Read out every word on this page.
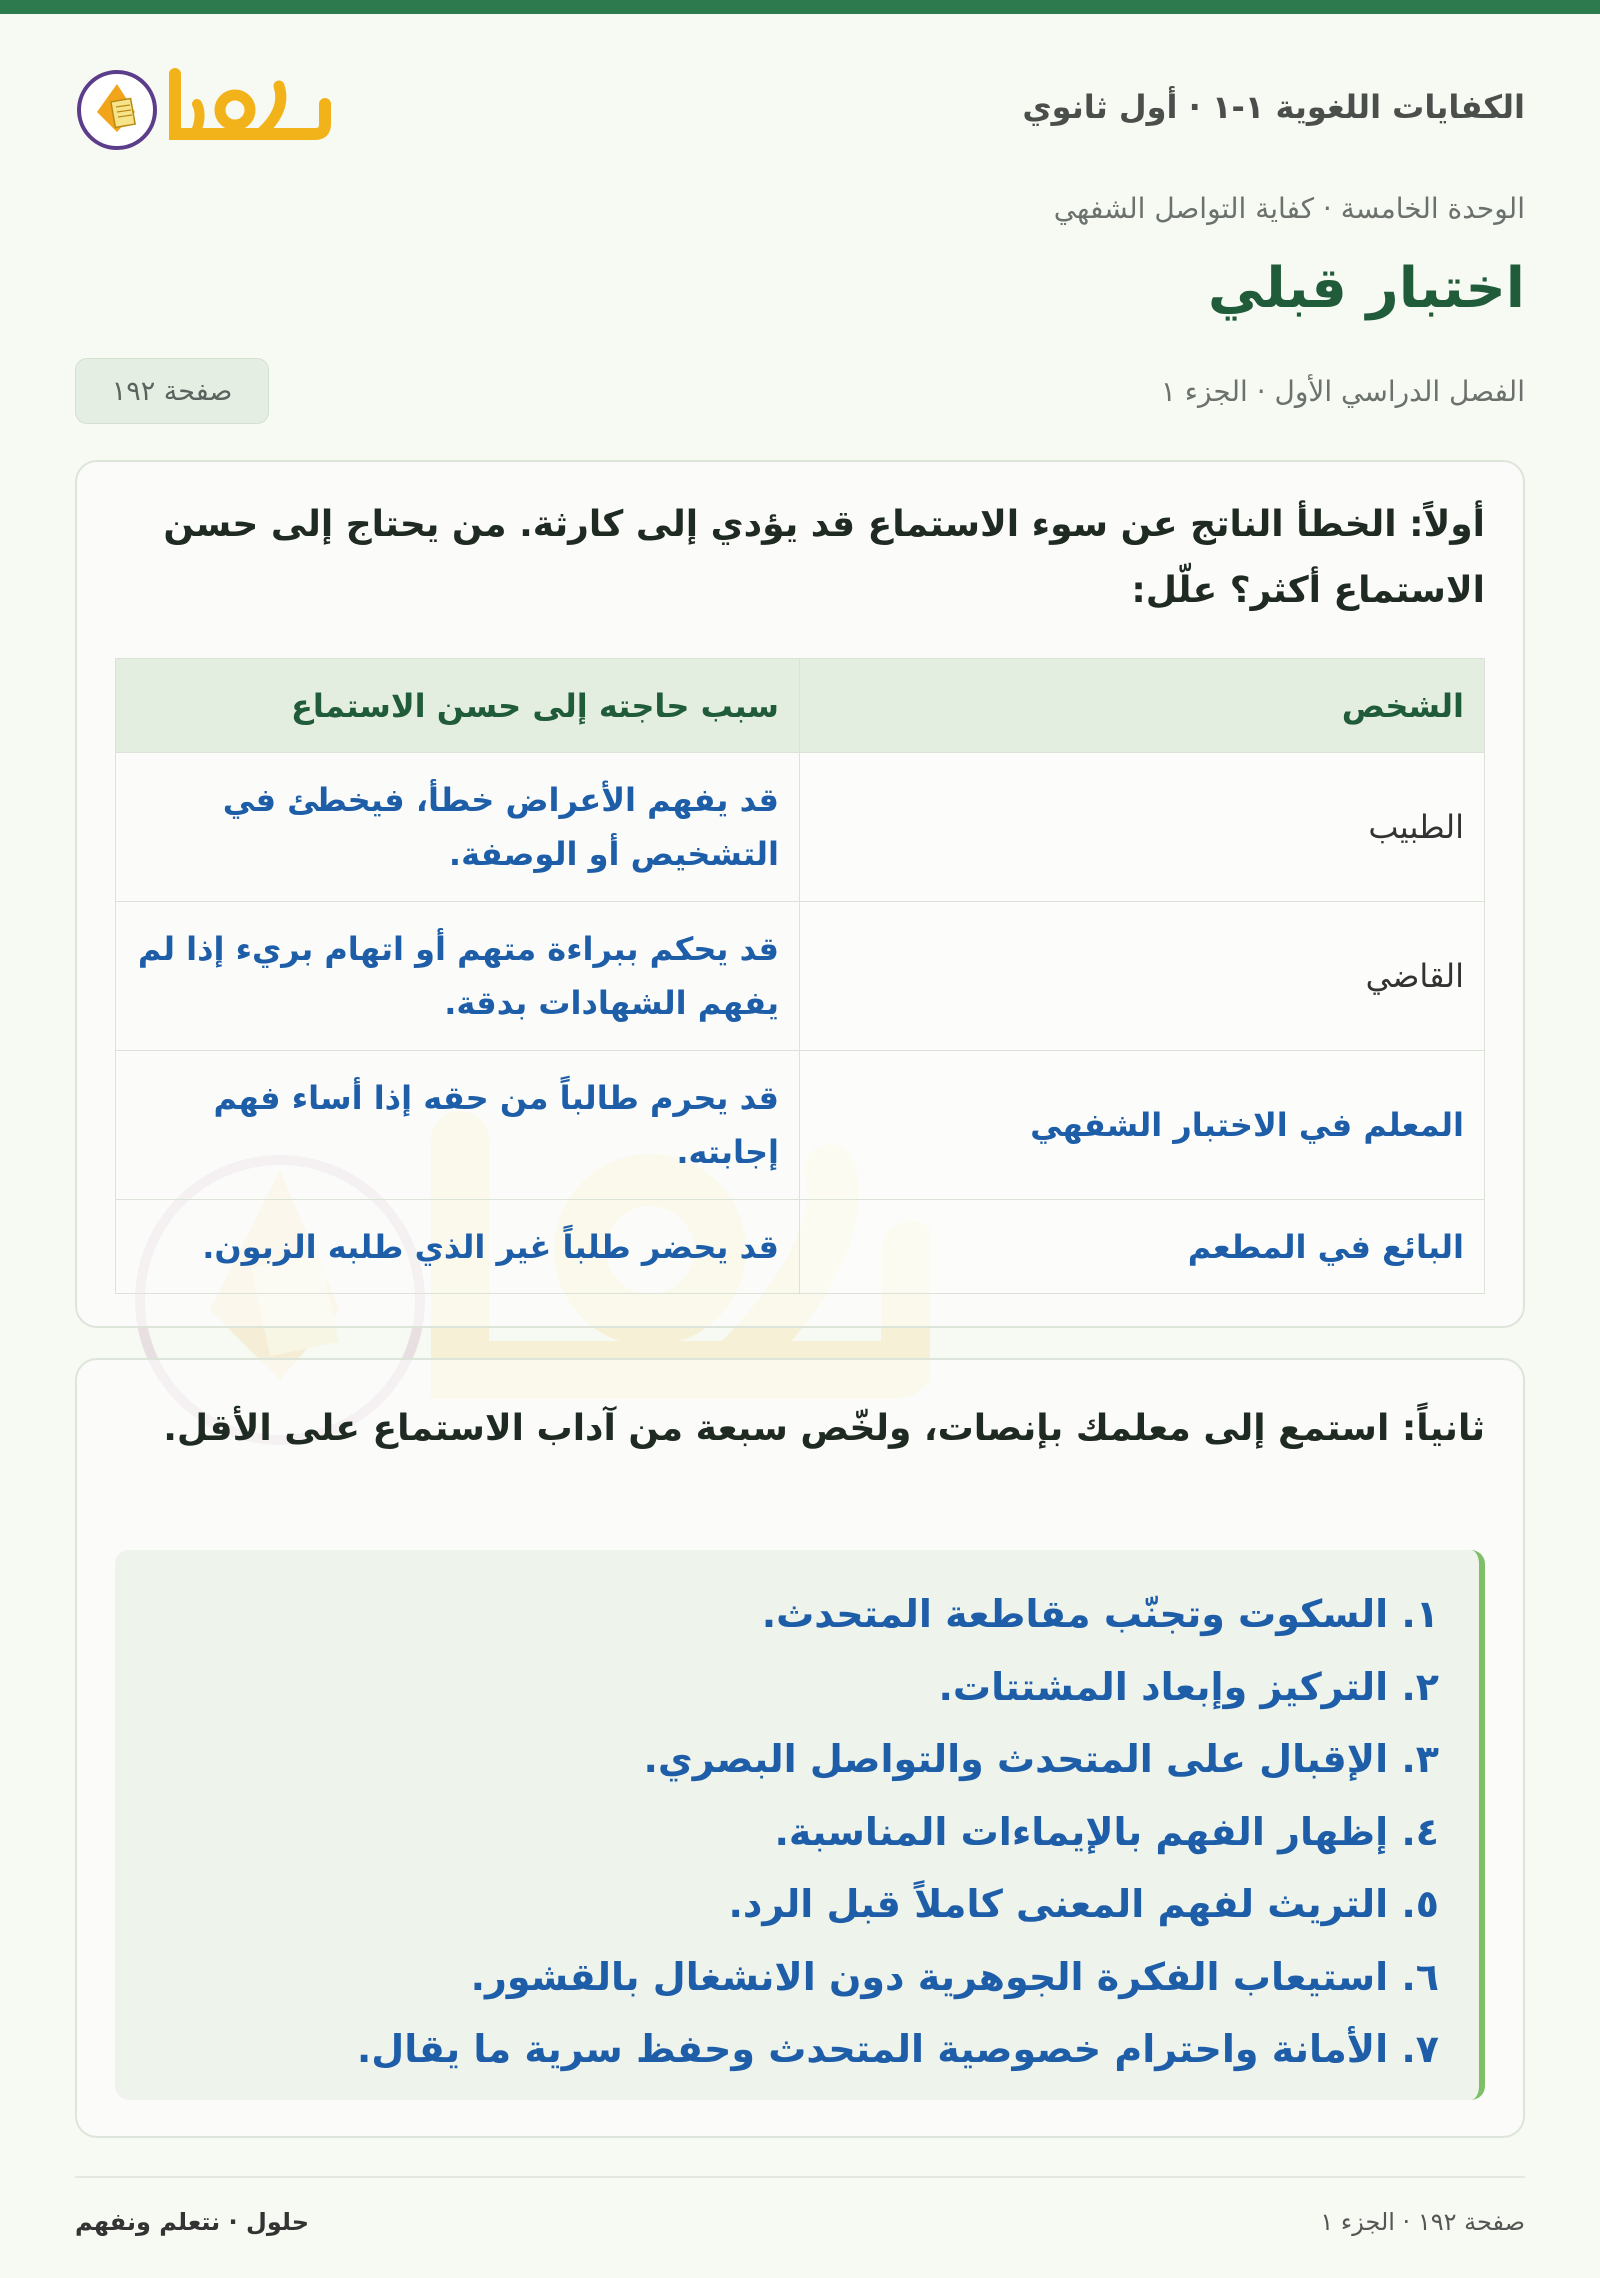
الكفايات اللغوية ١-١ · أول ثانوي
الوحدة الخامسة · كفاية التواصل الشفهي
اختبار قبلي
الفصل الدراسي الأول · الجزء ١
صفحة ١٩٢
أولاً: الخطأ الناتج عن سوء الاستماع قد يؤدي إلى كارثة. من يحتاج إلى حسن الاستماع أكثر؟ علّل:
الشخص	سبب حاجته إلى حسن الاستماع
الطبيب	قد يفهم الأعراض خطأ، فيخطئ في التشخيص أو الوصفة.
القاضي	قد يحكم ببراءة متهم أو اتهام بريء إذا لم يفهم الشهادات بدقة.
المعلم في الاختبار الشفهي	قد يحرم طالباً من حقه إذا أساء فهم إجابته.
البائع في المطعم	قد يحضر طلباً غير الذي طلبه الزبون.
ثانياً: استمع إلى معلمك بإنصات، ولخّص سبعة من آداب الاستماع على الأقل.
١. السكوت وتجنّب مقاطعة المتحدث.
٢. التركيز وإبعاد المشتتات.
٣. الإقبال على المتحدث والتواصل البصري.
٤. إظهار الفهم بالإيماءات المناسبة.
٥. التريث لفهم المعنى كاملاً قبل الرد.
٦. استيعاب الفكرة الجوهرية دون الانشغال بالقشور.
٧. الأمانة واحترام خصوصية المتحدث وحفظ سرية ما يقال.
صفحة ١٩٢ · الجزء ١
حلول · نتعلم ونفهم
